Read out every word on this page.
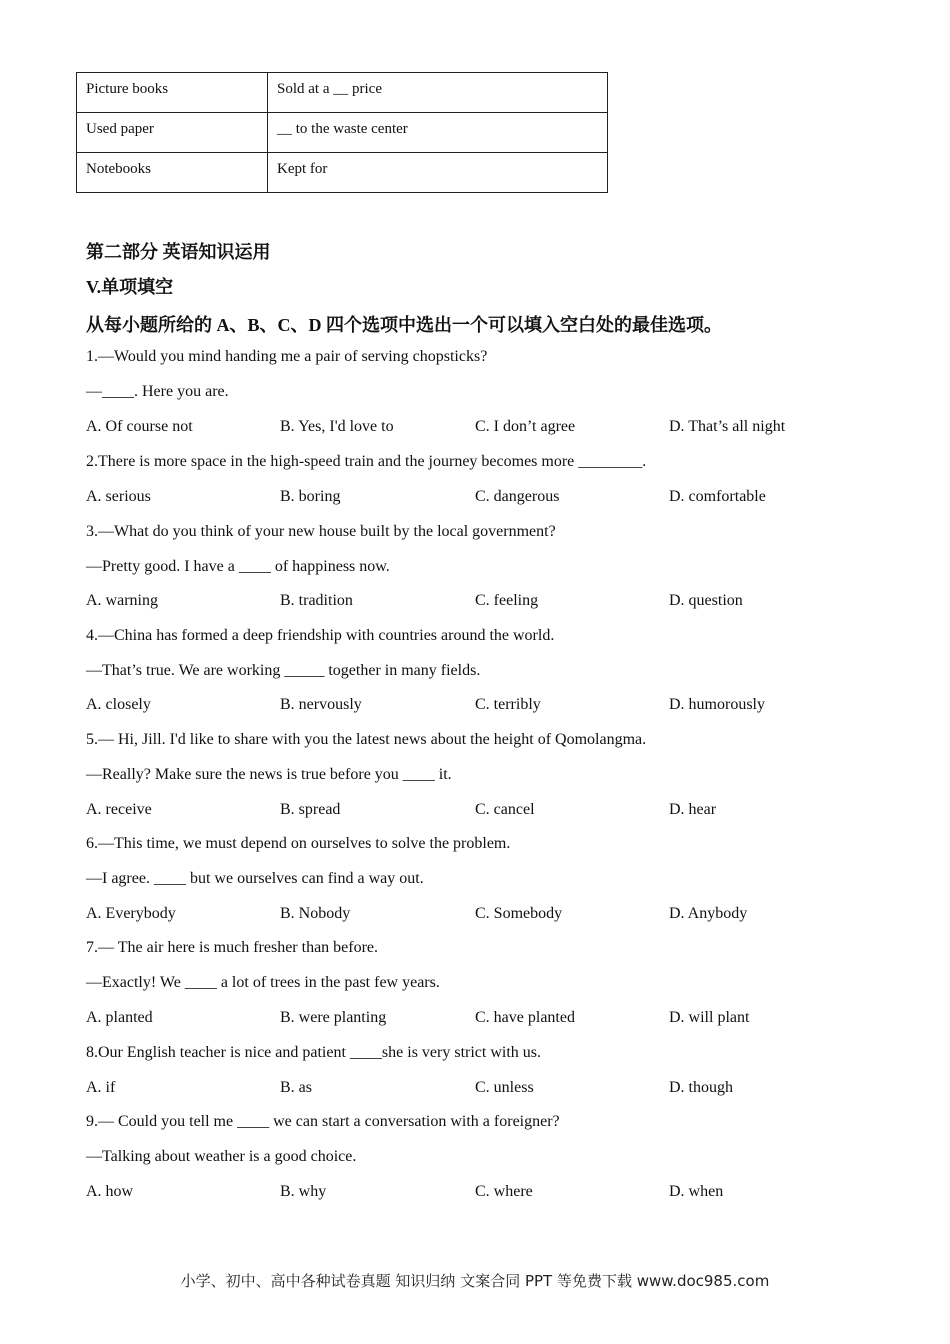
Picture books	Sold at a __ price
Used paper	__ to the waste center
Notebooks	Kept for
第二部分 英语知识运用
V.单项填空
从每小题所给的 A、B、C、D 四个选项中选出一个可以填入空白处的最佳选项。
1.—Would you mind handing me a pair of serving chopsticks?
—____. Here you are.
A. Of course not	B. Yes, I'd love to	C. I don’t agree	D. That’s all night
2.There is more space in the high-speed train and the journey becomes more ________.
A. serious	B. boring	C. dangerous	D. comfortable
3.—What do you think of your new house built by the local government?
—Pretty good. I have a ____ of happiness now.
A. warning	B. tradition	C. feeling	D. question
4.—China has formed a deep friendship with countries around the world.
—That’s true. We are working _____ together in many fields.
A. closely	B. nervously	C. terribly	D. humorously
5.— Hi, Jill. I'd like to share with you the latest news about the height of Qomolangma.
—Really? Make sure the news is true before you ____ it.
A. receive	B. spread	C. cancel	D. hear
6.—This time, we must depend on ourselves to solve the problem.
—I agree. ____ but we ourselves can find a way out.
A. Everybody	B. Nobody	C. Somebody	D. Anybody
7.— The air here is much fresher than before.
—Exactly! We ____ a lot of trees in the past few years.
A. planted	B. were planting	C. have planted	D. will plant
8.Our English teacher is nice and patient ____she is very strict with us.
A. if	B. as	C. unless	D. though
9.— Could you tell me ____ we can start a conversation with a foreigner?
—Talking about weather is a good choice.
A. how	B. why	C. where	D. when
小学、初中、高中各种试卷真题 知识归纳 文案合同 PPT 等免费下载 www.doc985.com
